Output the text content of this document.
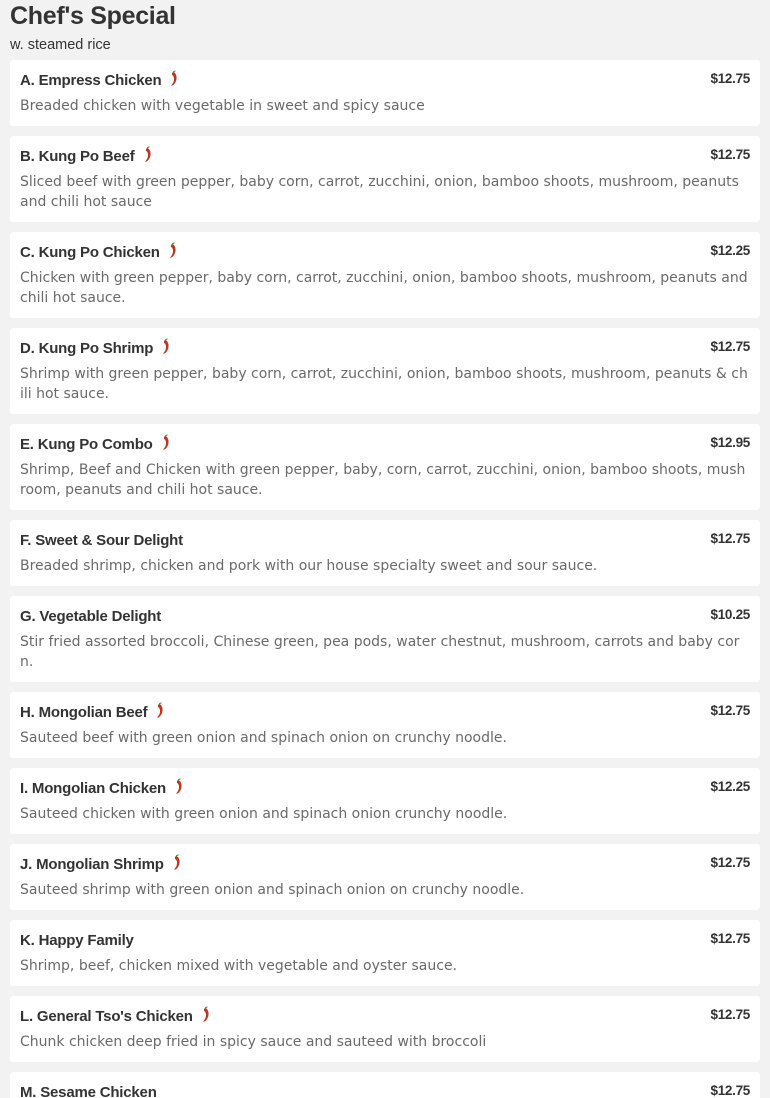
Chef's Special

w. steamed rice

A. Empress Chicken	$12.75
Breaded chicken with vegetable in sweet and spicy sauce
B. Kung Po Beef	$12.75
Sliced beef with green pepper, baby corn, carrot, zucchini, onion, bamboo shoots, mushroom, peanuts and chili hot sauce
C. Kung Po Chicken	$12.25
Chicken with green pepper, baby corn, carrot, zucchini, onion, bamboo shoots, mushroom, peanuts and chili hot sauce.
D. Kung Po Shrimp	$12.75
Shrimp with green pepper, baby corn, carrot, zucchini, onion, bamboo shoots, mushroom, peanuts & chili hot sauce.
E. Kung Po Combo	$12.95
Shrimp, Beef and Chicken with green pepper, baby, corn, carrot, zucchini, onion, bamboo shoots, mushroom, peanuts and chili hot sauce.
F. Sweet & Sour Delight	$12.75
Breaded shrimp, chicken and pork with our house specialty sweet and sour sauce.
G. Vegetable Delight	$10.25
Stir fried assorted broccoli, Chinese green, pea pods, water chestnut, mushroom, carrots and baby corn.
H. Mongolian Beef	$12.75
Sauteed beef with green onion and spinach onion on crunchy noodle.
I. Mongolian Chicken	$12.25
Sauteed chicken with green onion and spinach onion crunchy noodle.
J. Mongolian Shrimp	$12.75
Sauteed shrimp with green onion and spinach onion on crunchy noodle.
K. Happy Family	$12.75
Shrimp, beef, chicken mixed with vegetable and oyster sauce.
L. General Tso's Chicken	$12.75
Chunk chicken deep fried in spicy sauce and sauteed with broccoli
M. Sesame Chicken	$12.75
